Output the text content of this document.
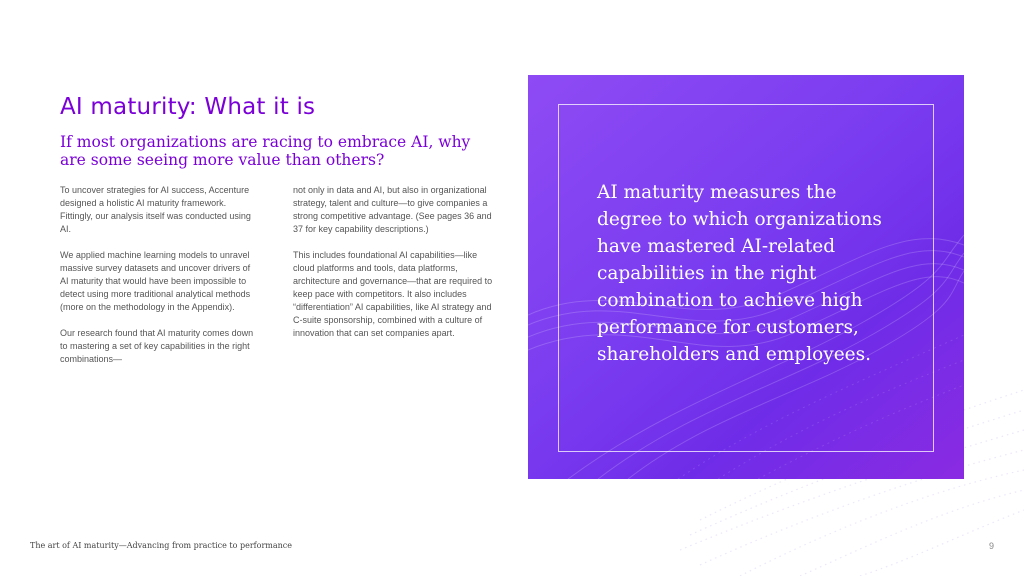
AI maturity: What it is
If most organizations are racing to embrace AI, why are some seeing more value than others?

To uncover strategies for AI success, Accenture designed a holistic AI maturity framework. Fittingly, our analysis itself was conducted using AI.

We applied machine learning models to unravel massive survey datasets and uncover drivers of AI maturity that would have been impossible to detect using more traditional analytical methods (more on the methodology in the Appendix).

Our research found that AI maturity comes down to mastering a set of key capabilities in the right combinations—

not only in data and AI, but also in organizational strategy, talent and culture—to give companies a strong competitive advantage. (See pages 36 and 37 for key capability descriptions.)

This includes foundational AI capabilities—like cloud platforms and tools, data platforms, architecture and governance—that are required to keep pace with competitors. It also includes “differentiation” AI capabilities, like AI strategy and C-suite sponsorship, combined with a culture of innovation that can set companies apart.

AI maturity measures the degree to which organizations have mastered AI-related capabilities in the right combination to achieve high performance for customers, shareholders and employees.
The art of AI maturity—Advancing from practice to performance	9
